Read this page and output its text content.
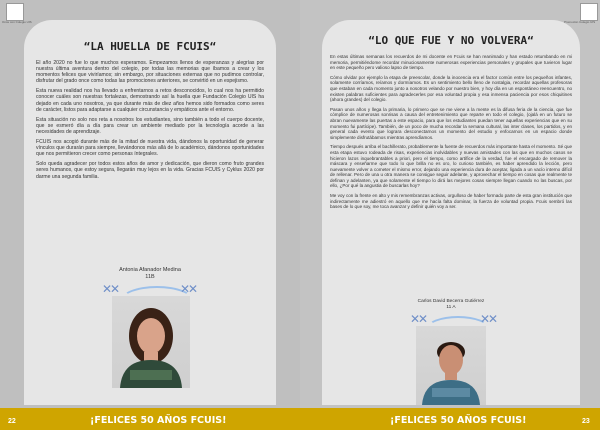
Once con Colegio UIS
“LA HUELLA DE FCUIS“

El año 2020 no fue lo que muchos esperamos. Empezamos llenos de esperanzas y alegrías por nuestra última aventura dentro del colegio, por todas las memorias que íbamos a crear y los momentos felices que viviríamos; sin embargo, por situaciones externas que no pudimos controlar, disfrutar del grado once como todas las promociones anteriores, se convirtió en un espejismo.

Esta nueva realidad nos ha llevado a enfrentarnos a retos desconocidos, lo cual nos ha permitido conocer cuáles son nuestras fortalezas, demostrando así la huella que Fundación Colegio UIS ha dejado en cada uno nosotros, ya que durante más de diez años hemos sido formados como seres de carácter, listos para adaptarse a cualquier circunstancia y empáticos ante el entorno.

Esta situación no solo nos reta a nosotros los estudiantes, sino también a todo el cuerpo docente, que se esmeró día a día para crear un ambiente mediado por la tecnología acorde a las necesidades de aprendizaje.

FCUIS nos acogió durante más de la mitad de nuestra vida, dándonos la oportunidad de generar vínculos que durarán para siempre, llevándonos más allá de lo académico, dándonos oportunidades que nos permitieron crecer como personas íntegrales.

Solo queda agradecer por todos estos años de amor y dedicación, que dieron como fruto grandes seres humanos, que estoy segura, llegarán muy lejos en la vida. Gracias FCUIS y Cyklus 2020 por darme una segunda familia.

Antonia Afanador Medina
11B
✕✕	✕✕
Promoción Colegio UIS
“LO QUE FUE Y NO VOLVERA“

En estas últimas semanas los recuerdos de mi docente en Fcuis se han reanimado y han estado retumbando en mi memoria, permitiéndome recordar minuciosamente numerosas experiencias personales y grupales que tuvieron lugar en este pequeño pero valioso lapso de tiempo.

Cómo olvidar por ejemplo la etapa de preescolar, donde la inocencia era el factor común entre los pequeños infantes, solamente corríamos, reíamos y dormíamos. Es un sentimiento bello lleno de nostalgia, recordar aquellas profesoras que estaban en cada momento junto a nosotros velando por nuestro bien, y hoy día en un espontáneo reencuentro, no existen palabras suficientes para agradecerles por esa voluntad propia y esa inmensa paciencia por esos chiquitines (ahora grandes) del colegio.

Pasan unos años y llega la primaria, lo primero que se me viene a la mente es la difusa feria de la ciencia, que fue cómplice de numerosas sonrisas a causa del entretenimiento que reparte en todo el colegio, (ojalá en un futuro se abran nuevamente las puertas a este espacio, para que los estudiantes puedan tener aquellas experiencias que en su momento fui partícipe). También, de un poco de mucha recordar la semana cultural, las inter clases, los partidos, y en general cada evento que lograra desconectarnos un momento del estudio y enfocarnos en un espacio donde simplemente disfrutábamos mientras aprendíamos.

Tiempo después arriba el bachillerato, probablemente la fuente de recuerdos más importante hasta el momento. Sé que esta etapa estuvo rodeada de risas, experiencias inolvidables y nuevas amistades con las que en muchos casos se hicieron lazos inquebrantables a priori, pero el tiempo, como artífice de la verdad, fue el encargado de remover la máscara y enseñarme que todo lo que brilla no es oro, lo curioso también, es haber aprendido la lección, pero nuevamente volver a cometer el mismo error, dejando una experiencia dura de aceptar, ligada a un vacío interno difícil de rellenar. Pero de una u otra manera se consigue seguir adelante, y aprovechar el tiempo en cosas que realmente te definan y adelanten, ya que solamente el tiempo lo dirá las mejores cosas siempre llegan cuando no las buscas, por ello, ¿Por qué la angustia de buscarlas hoy?

Me voy con la frente en alto y mis remembranzas activas, orgulloso de haber formado parte de esta gran institución que indirectamente me adiestró en aquello que me hacía falta dominar, la fuerza de voluntad propia. Fcuis sembró las bases de lo que soy, me toca avanzar y definir quién voy a ser.

Carlos David Becerra Gutiérrez
11 A
✕✕	✕✕
22	¡FELICES 50 AÑOS FCUIS!	¡FELICES 50 AÑOS FCUIS!	23
